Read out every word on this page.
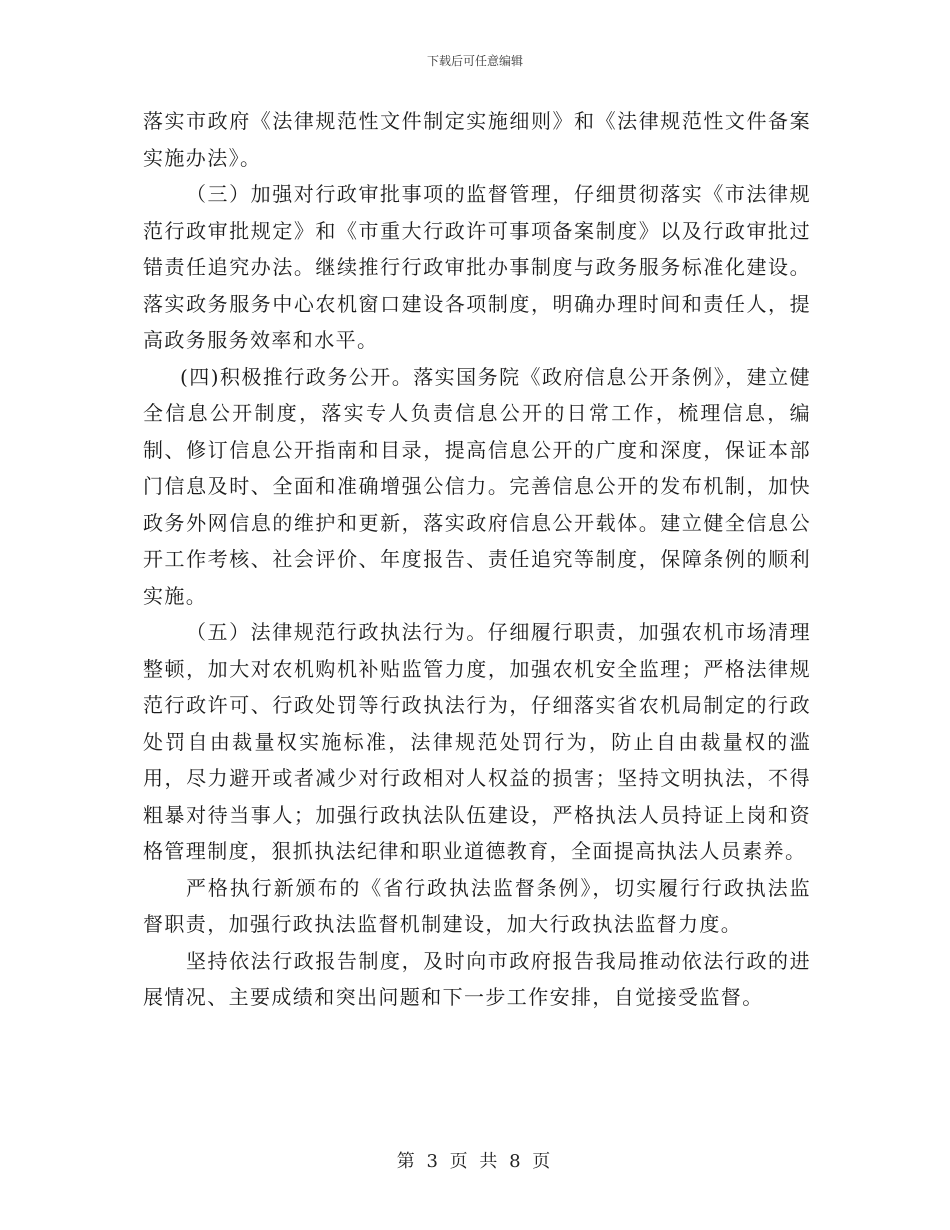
下载后可任意编辑

落实市政府《法律规范性文件制定实施细则》和《法律规范性文件备案实施办法》。

（三）加强对行政审批事项的监督管理，仔细贯彻落实《市法律规范行政审批规定》和《市重大行政许可事项备案制度》以及行政审批过错责任追究办法。继续推行行政审批办事制度与政务服务标准化建设。落实政务服务中心农机窗口建设各项制度，明确办理时间和责任人，提高政务服务效率和水平。

(四)积极推行政务公开。落实国务院《政府信息公开条例》，建立健全信息公开制度，落实专人负责信息公开的日常工作，梳理信息，编制、修订信息公开指南和目录，提高信息公开的广度和深度，保证本部门信息及时、全面和准确增强公信力。完善信息公开的发布机制，加快政务外网信息的维护和更新，落实政府信息公开载体。建立健全信息公开工作考核、社会评价、年度报告、责任追究等制度，保障条例的顺利实施。

（五）法律规范行政执法行为。仔细履行职责，加强农机市场清理整顿，加大对农机购机补贴监管力度，加强农机安全监理；严格法律规范行政许可、行政处罚等行政执法行为，仔细落实省农机局制定的行政处罚自由裁量权实施标准，法律规范处罚行为，防止自由裁量权的滥用，尽力避开或者减少对行政相对人权益的损害；坚持文明执法，不得粗暴对待当事人；加强行政执法队伍建设，严格执法人员持证上岗和资格管理制度，狠抓执法纪律和职业道德教育，全面提高执法人员素养。

严格执行新颁布的《省行政执法监督条例》，切实履行行政执法监督职责，加强行政执法监督机制建设，加大行政执法监督力度。

坚持依法行政报告制度，及时向市政府报告我局推动依法行政的进展情况、主要成绩和突出问题和下一步工作安排，自觉接受监督。

第 3 页 共 8 页
